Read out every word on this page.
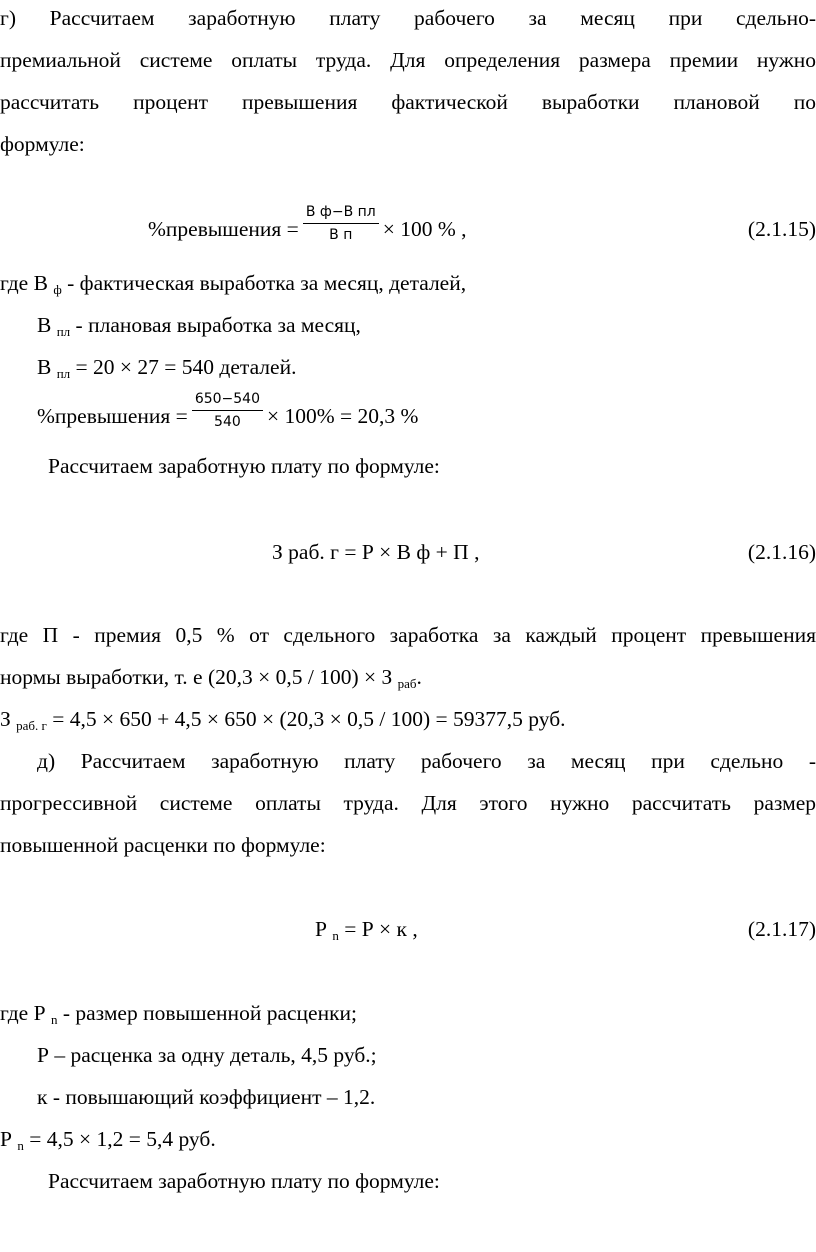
г) Рассчитаем заработную плату рабочего за месяц при сдельно-
премиальной системе оплаты труда. Для определения размера премии нужно
рассчитать процент превышения фактической выработки плановой по
формуле:
%превышения = $\frac{\text{В ф−В пл}}{\text{В п}} \times 100$ % ,	(2.1.15)
где В $_ф$ - фактическая выработка за месяц, деталей,
В $_{пл}$ - плановая выработка за месяц,
В $_{пл}$ = 20 × 27 = 540 деталей.
%превышения = $\frac{650-540}{540} \times 100\% = 20,3$ %
Рассчитаем заработную плату по формуле:
З раб. г = Р × В ф + П ,	(2.1.16)
где П - премия 0,5 % от сдельного заработка за каждый процент превышения
нормы выработки, т. е (20,3 × 0,5 / 100) × З $_{раб}$.
З $_{раб. г}$ = 4,5 × 650 + 4,5 × 650 × (20,3 × 0,5 / 100) = 59377,5 руб.
д) Рассчитаем заработную плату рабочего за месяц при сдельно -
прогрессивной системе оплаты труда. Для этого нужно рассчитать размер
повышенной расценки по формуле:
Р $_n$ = Р × к ,	(2.1.17)
где Р $_n$ - размер повышенной расценки;
Р – расценка за одну деталь, 4,5 руб.;
к - повышающий коэффициент – 1,2.
Р $_n$ = 4,5 × 1,2 = 5,4 руб.
Рассчитаем заработную плату по формуле:
